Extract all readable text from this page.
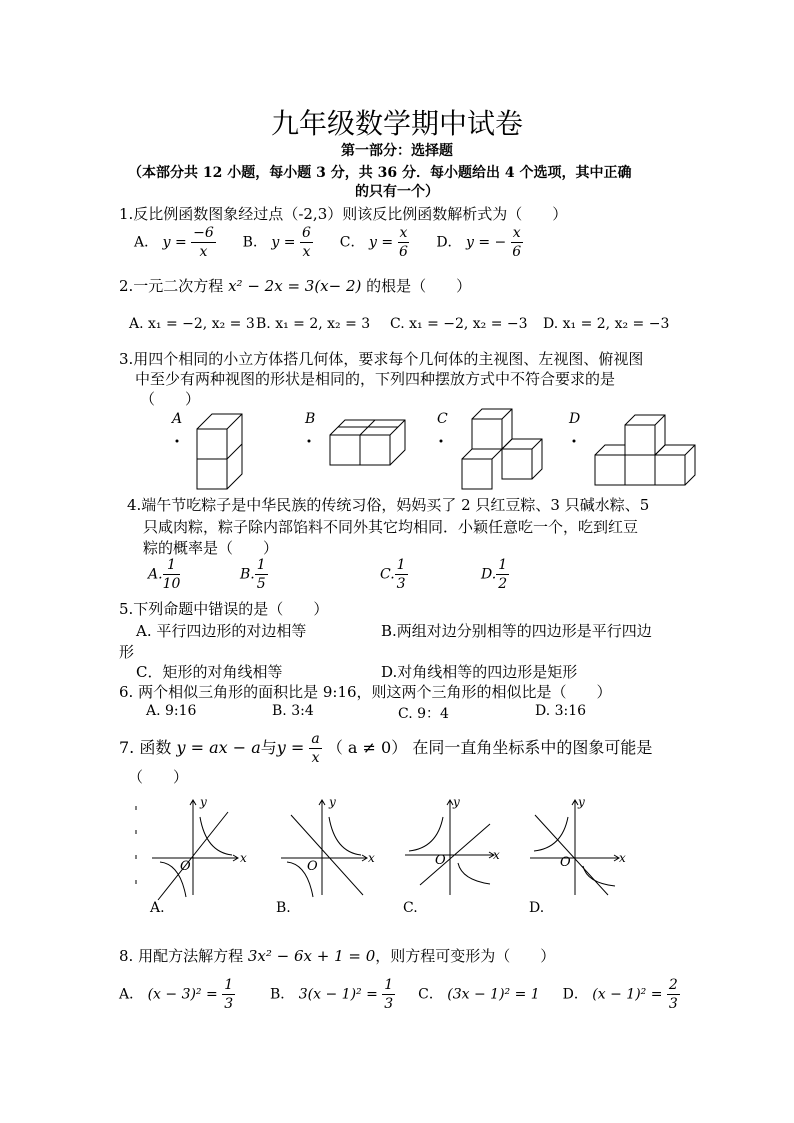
九年级数学期中试卷
第一部分：选择题
（本部分共 12 小题，每小题 3 分，共 36 分．每小题给出 4 个选项，其中正确
的只有一个）
1.反比例函数图象经过点（-2,3）则该反比例函数解析式为（　　）
A． $y = \frac{-6}{x}$ B． $y = \frac{6}{x}$ C． $y = \frac{x}{6}$ D． y = − $\frac{x}{6}$
2.一元二次方程 x² − 2x = 3(x− 2) 的根是（　　）
A. x₁ = −2, x₂ = 3 B. x₁ = 2, x₂ = 3 C. x₁ = −2, x₂ = −3 D. x₁ = 2, x₂ = −3
3.用四个相同的小立方体搭几何体，要求每个几何体的主视图、左视图、俯视图
中至少有两种视图的形状是相同的，下列四种摆放方式中不符合要求的是
（　　）
A	B	C	D
4.端午节吃粽子是中华民族的传统习俗，妈妈买了 2 只红豆粽、3 只碱水粽、5
只咸肉粽，粽子除内部馅料不同外其它均相同．小颖任意吃一个，吃到红豆
粽的概率是（　　）
A. $\frac{1}{10}$	B. $\frac{1}{5}$	C. $\frac{1}{3}$	D. $\frac{1}{2}$
5.下列命题中错误的是（　　）
A. 平行四边形的对边相等	B.两组对边分别相等的四边形是平行四边
形
C．矩形的对角线相等	D.对角线相等的四边形是矩形
6. 两个相似三角形的面积比是 9:16，则这两个三角形的相似比是（　　）
A. 9:16	B. 3:4	C. 9：4	D. 3:16
7. 函数 y = ax − a与$y = \frac{a}{x}$ （ a ≠ 0） 在同一直角坐标系中的图象可能是
（　　）
y
x
O
y
x
O
y
x
O
y
x
O
A.	B.	C.	D.
8. 用配方法解方程 3x² − 6x + 1 = 0，则方程可变形为（　　）
A． $(x - 3)^2 = \frac{1}{3}$ B． $3(x - 1)^2 = \frac{1}{3}$ C． (3x − 1)² = 1 D． $(x - 1)^2 = \frac{2}{3}$
